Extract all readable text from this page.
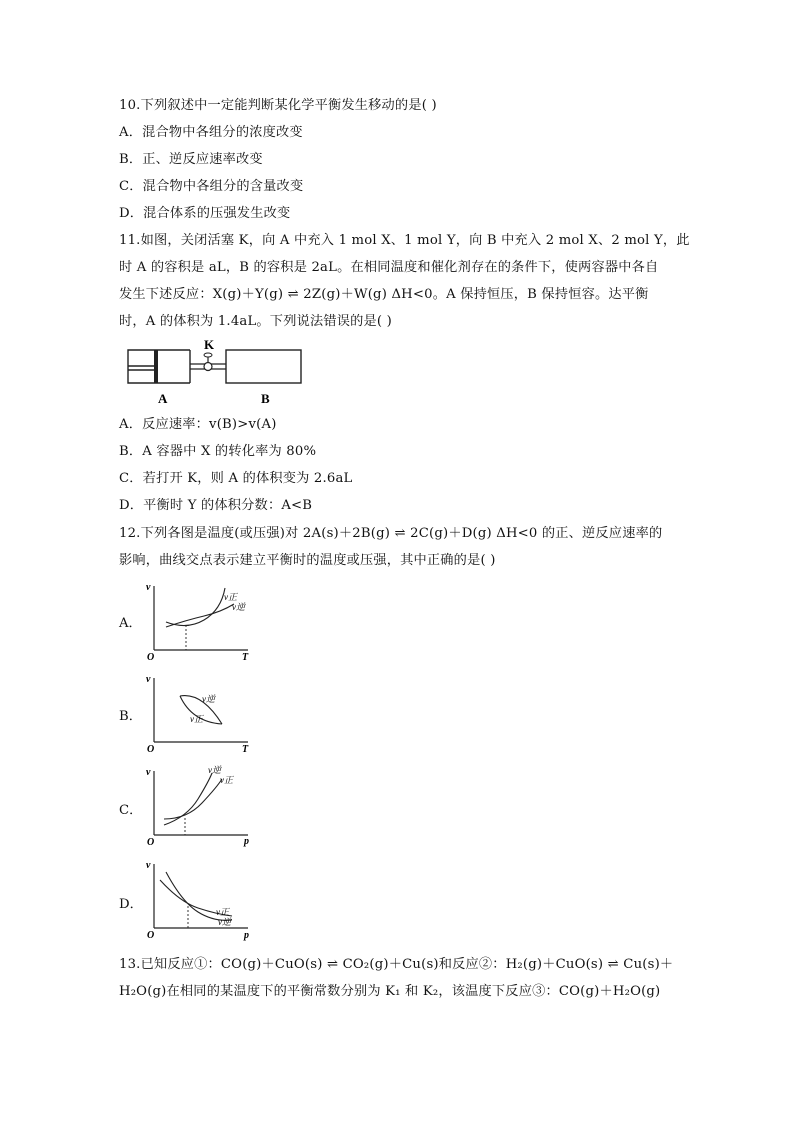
10.下列叙述中一定能判断某化学平衡发生移动的是( )
A．混合物中各组分的浓度改变
B．正、逆反应速率改变
C．混合物中各组分的含量改变
D．混合体系的压强发生改变
11.如图，关闭活塞 K，向 A 中充入 1 mol X、1 mol Y，向 B 中充入 2 mol X、2 mol Y，此
时 A 的容积是 aL，B 的容积是 2aL。在相同温度和催化剂存在的条件下，使两容器中各自
发生下述反应：X(g)＋Y(g) ⇌ 2Z(g)＋W(g) ΔH<0。A 保持恒压，B 保持恒容。达平衡
时，A 的体积为 1.4aL。下列说法错误的是( )
K
A	B
A．反应速率：v(B)>v(A)
B．A 容器中 X 的转化率为 80%
C．若打开 K，则 A 的体积变为 2.6aL
D．平衡时 Y 的体积分数：A<B
12.下列各图是温度(或压强)对 2A(s)＋2B(g) ⇌ 2C(g)＋D(g) ΔH<0 的正、逆反应速率的
影响，曲线交点表示建立平衡时的温度或压强，其中正确的是( )
A．
v
T
O
v正
v逆
B．
v
T
O
v逆
v正
C．
v
p
O
v逆
v正
D．
v
p
O
v正
v逆
13.已知反应①：CO(g)＋CuO(s) ⇌ CO₂(g)＋Cu(s)和反应②：H₂(g)＋CuO(s) ⇌ Cu(s)＋
H₂O(g)在相同的某温度下的平衡常数分别为 K₁ 和 K₂，该温度下反应③：CO(g)＋H₂O(g)
